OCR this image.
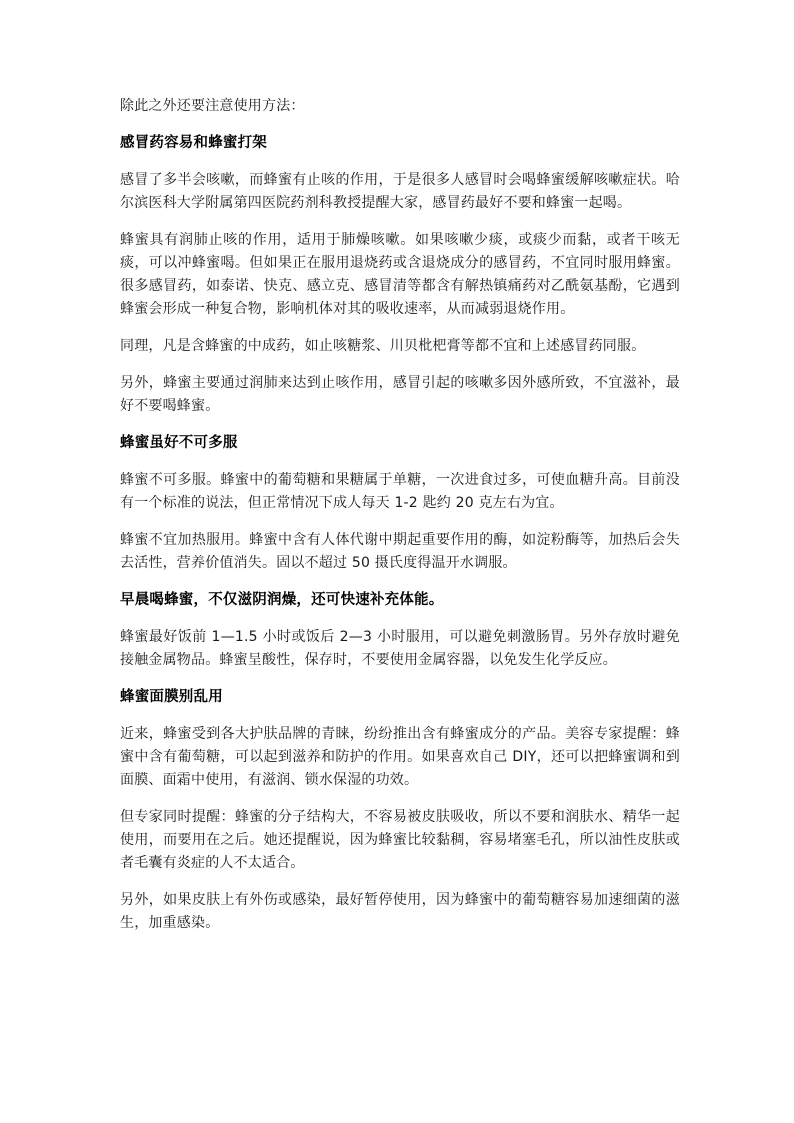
除此之外还要注意使用方法：

感冒药容易和蜂蜜打架

感冒了多半会咳嗽，而蜂蜜有止咳的作用，于是很多人感冒时会喝蜂蜜缓解咳嗽症状。哈尔滨医科大学附属第四医院药剂科教授提醒大家，感冒药最好不要和蜂蜜一起喝。

蜂蜜具有润肺止咳的作用，适用于肺燥咳嗽。如果咳嗽少痰，或痰少而黏，或者干咳无痰，可以冲蜂蜜喝。但如果正在服用退烧药或含退烧成分的感冒药，不宜同时服用蜂蜜。很多感冒药，如泰诺、快克、感立克、感冒清等都含有解热镇痛药对乙酰氨基酚，它遇到蜂蜜会形成一种复合物，影响机体对其的吸收速率，从而减弱退烧作用。

同理，凡是含蜂蜜的中成药，如止咳糖浆、川贝枇杷膏等都不宜和上述感冒药同服。

另外，蜂蜜主要通过润肺来达到止咳作用，感冒引起的咳嗽多因外感所致，不宜滋补，最好不要喝蜂蜜。

蜂蜜虽好不可多服

蜂蜜不可多服。蜂蜜中的葡萄糖和果糖属于单糖，一次进食过多，可使血糖升高。目前没有一个标准的说法，但正常情况下成人每天 1-2 匙约 20 克左右为宜。

蜂蜜不宜加热服用。蜂蜜中含有人体代谢中期起重要作用的酶，如淀粉酶等，加热后会失去活性，营养价值消失。固以不超过 50 摄氏度得温开水调服。

早晨喝蜂蜜，不仅滋阴润燥，还可快速补充体能。

蜂蜜最好饭前 1—1.5 小时或饭后 2—3 小时服用，可以避免刺激肠胃。另外存放时避免接触金属物品。蜂蜜呈酸性，保存时，不要使用金属容器，以免发生化学反应。

蜂蜜面膜别乱用

近来，蜂蜜受到各大护肤品牌的青睐，纷纷推出含有蜂蜜成分的产品。美容专家提醒：蜂蜜中含有葡萄糖，可以起到滋养和防护的作用。如果喜欢自己 DIY，还可以把蜂蜜调和到面膜、面霜中使用，有滋润、锁水保湿的功效。

但专家同时提醒：蜂蜜的分子结构大，不容易被皮肤吸收，所以不要和润肤水、精华一起使用，而要用在之后。她还提醒说，因为蜂蜜比较黏稠，容易堵塞毛孔，所以油性皮肤或者毛囊有炎症的人不太适合。

另外，如果皮肤上有外伤或感染，最好暂停使用，因为蜂蜜中的葡萄糖容易加速细菌的滋生，加重感染。
